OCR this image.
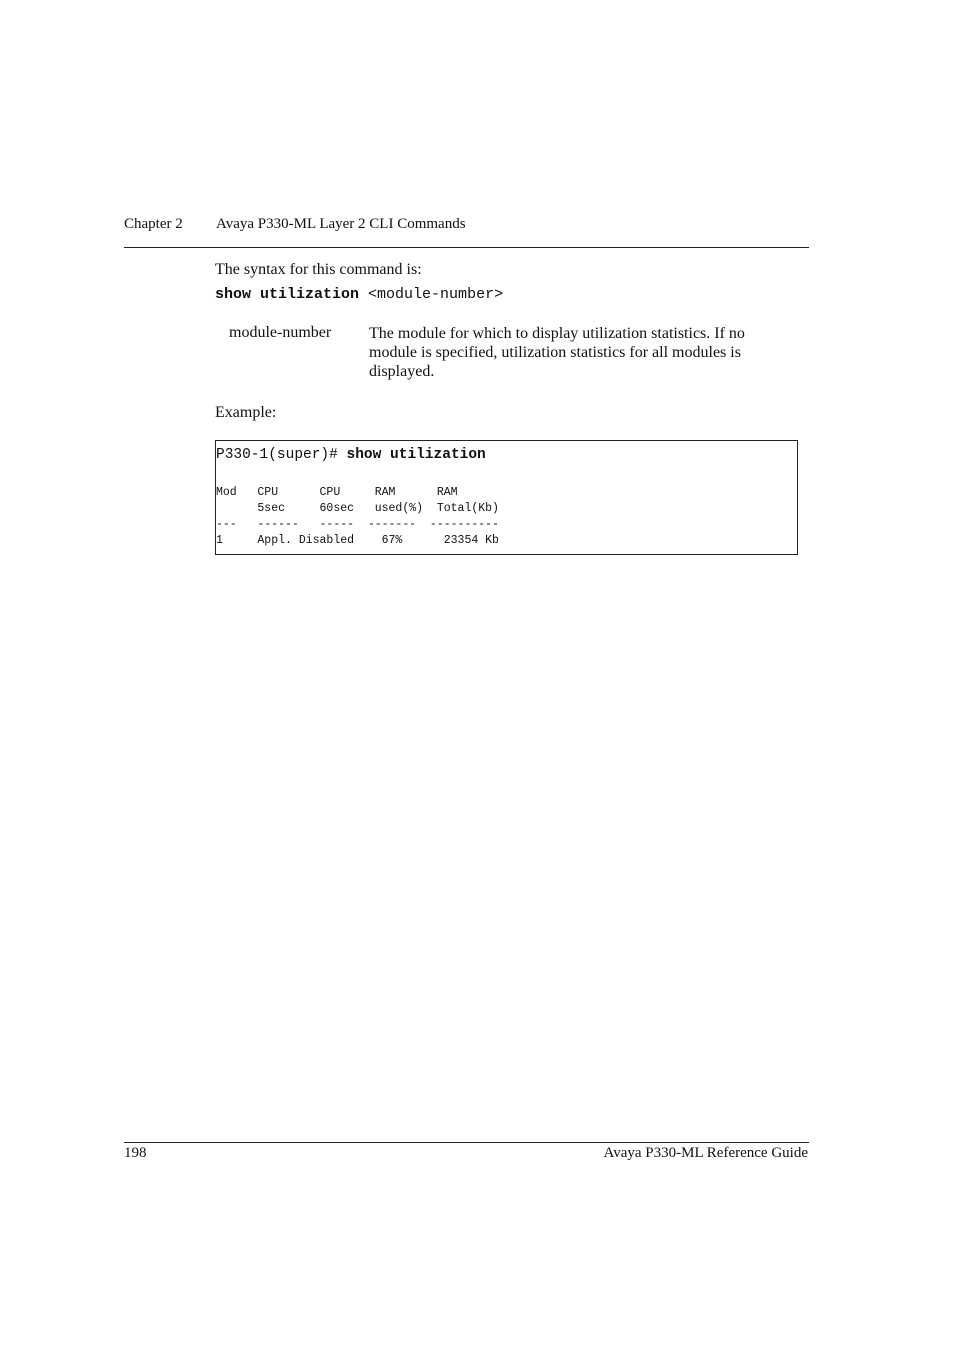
Chapter 2 Avaya P330-ML Layer 2 CLI Commands
The syntax for this command is:
show utilization <module-number>
module-number The module for which to display utilization statistics. If no module is specified, utilization statistics for all modules is displayed.
Example:
P330-1(super)# show utilization
Mod   CPU      CPU     RAM      RAM
5sec     60sec   used(%)  Total(Kb)
---   ------   -----  -------  ----------
1     Appl. Disabled    67%      23354 Kb
198	Avaya P330-ML Reference Guide
